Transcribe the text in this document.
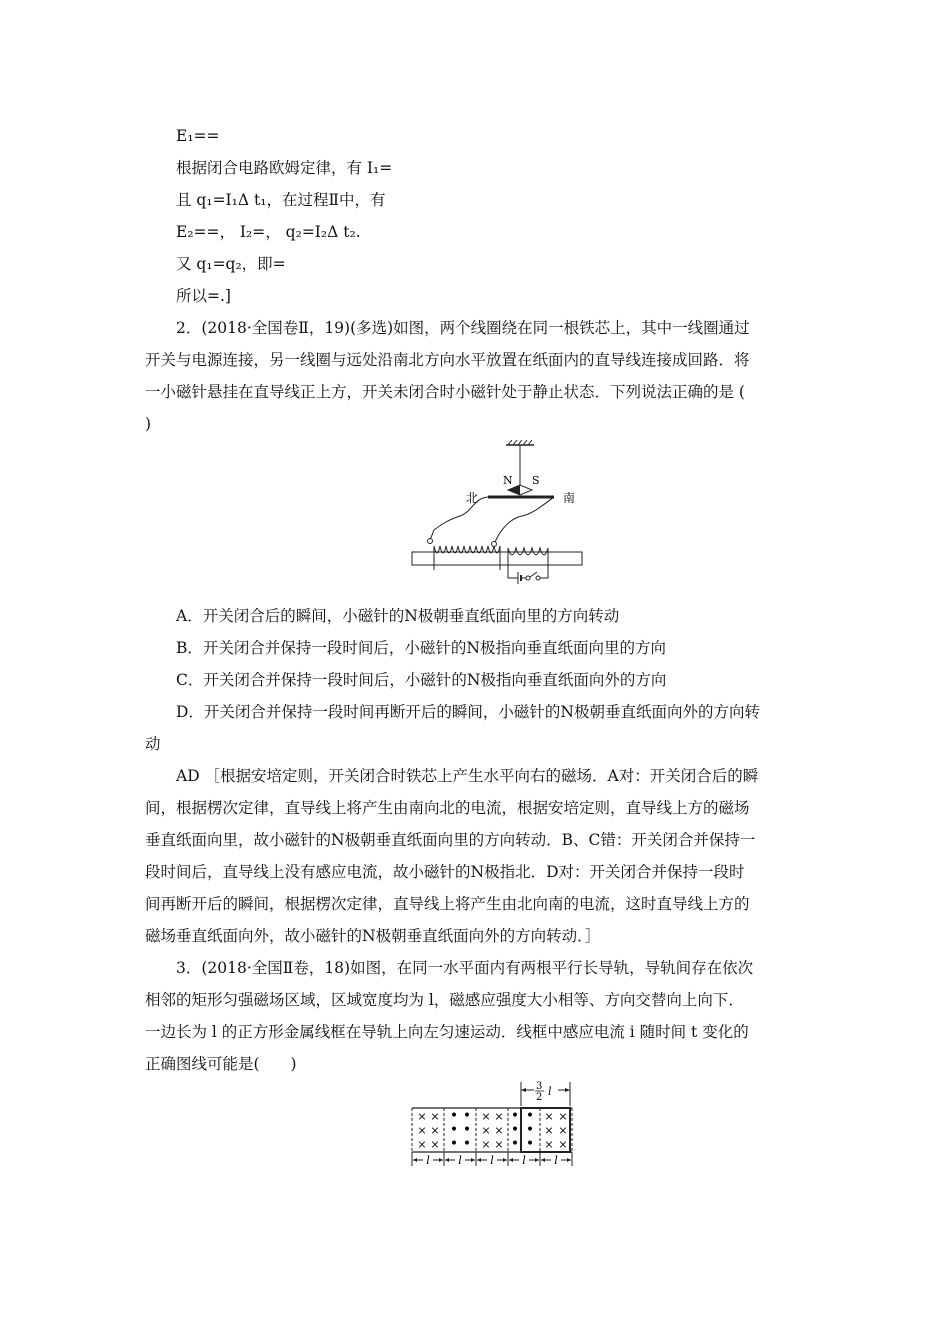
E₁==
根据闭合电路欧姆定律，有 I₁=
且 q₁=I₁Δ t₁，在过程Ⅱ中，有
E₂==， I₂=， q₂=I₂Δ t₂.
又 q₁=q₂，即=
所以=.]
2．(2018·全国卷Ⅱ，19)(多选)如图，两个线圈绕在同一根铁芯上，其中一线圈通过
开关与电源连接，另一线圈与远处沿南北方向水平放置在纸面内的直导线连接成回路．将
一小磁针悬挂在直导线正上方，开关未闭合时小磁针处于静止状态．下列说法正确的是 (
)
N S
北	南
A．开关闭合后的瞬间，小磁针的N极朝垂直纸面向里的方向转动
B．开关闭合并保持一段时间后，小磁针的N极指向垂直纸面向里的方向
C．开关闭合并保持一段时间后，小磁针的N极指向垂直纸面向外的方向
D．开关闭合并保持一段时间再断开后的瞬间，小磁针的N极朝垂直纸面向外的方向转
动
AD ［根据安培定则，开关闭合时铁芯上产生水平向右的磁场．A对：开关闭合后的瞬
间，根据楞次定律，直导线上将产生由南向北的电流，根据安培定则，直导线上方的磁场
垂直纸面向里，故小磁针的N极朝垂直纸面向里的方向转动．B、C错：开关闭合并保持一
段时间后，直导线上没有感应电流，故小磁针的N极指北．D对：开关闭合并保持一段时
间再断开后的瞬间，根据楞次定律，直导线上将产生由北向南的电流，这时直导线上方的
磁场垂直纸面向外，故小磁针的N极朝垂直纸面向外的方向转动．］
3．(2018·全国Ⅱ卷，18)如图，在同一水平面内有两根平行长导轨，导轨间存在依次
相邻的矩形匀强磁场区域，区域宽度均为 l，磁感应强度大小相等、方向交替向上向下．
一边长为 l 的正方形金属线框在导轨上向左匀速运动．线框中感应电流 i 随时间 t 变化的
正确图线可能是(　　)
3
2 l
× ×
× ×
× ×
• •
• •
• •
× ×
× ×
× ×
•
•
•
•
•
•
× ×
× ×
× ×
l	l	l	l	l
